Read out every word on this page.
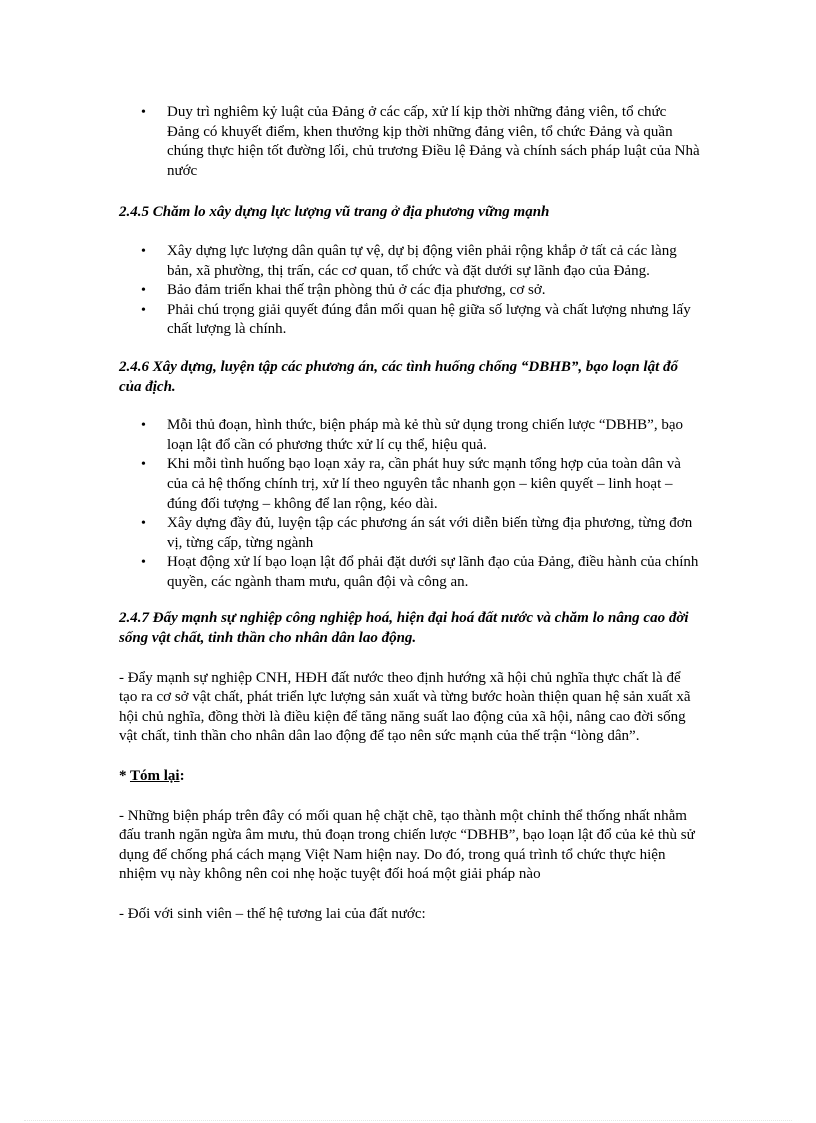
• Duy trì nghiêm kỷ luật của Đảng ở các cấp, xử lí kịp thời những đảng viên, tổ chức Đảng có khuyết điểm, khen thưởng kịp thời những đảng viên, tổ chức Đảng và quần chúng thực hiện tốt đường lối, chủ trương Điều lệ Đảng và chính sách pháp luật của Nhà nước

2.4.5 Chăm lo xây dựng lực lượng vũ trang ở địa phương vững mạnh

• Xây dựng lực lượng dân quân tự vệ, dự bị động viên phải rộng khắp ở tất cả các làng bản, xã phường, thị trấn, các cơ quan, tổ chức và đặt dưới sự lãnh đạo của Đảng.
• Bảo đảm triển khai thế trận phòng thủ ở các địa phương, cơ sở.
• Phải chú trọng giải quyết đúng đắn mối quan hệ giữa số lượng và chất lượng nhưng lấy chất lượng là chính.

2.4.6 Xây dựng, luyện tập các phương án, các tình huống chống “DBHB”, bạo loạn lật đổ của địch.

• Mỗi thủ đoạn, hình thức, biện pháp mà kẻ thù sử dụng trong chiến lược “DBHB”, bạo loạn lật đổ cần có phương thức xử lí cụ thể, hiệu quả.
• Khi mỗi tình huống bạo loạn xảy ra, cần phát huy sức mạnh tổng hợp của toàn dân và của cả hệ thống chính trị, xử lí theo nguyên tắc nhanh gọn – kiên quyết – linh hoạt – đúng đối tượng – không để lan rộng, kéo dài.
• Xây dựng đầy đủ, luyện tập các phương án sát với diễn biến từng địa phương, từng đơn vị, từng cấp, từng ngành
• Hoạt động xử lí bạo loạn lật đổ phải đặt dưới sự lãnh đạo của Đảng, điều hành của chính quyền, các ngành tham mưu, quân đội và công an.

2.4.7 Đẩy mạnh sự nghiệp công nghiệp hoá, hiện đại hoá đất nước và chăm lo nâng cao đời sống vật chất, tinh thần cho nhân dân lao động.

- Đẩy mạnh sự nghiệp CNH, HĐH đất nước theo định hướng xã hội chủ nghĩa thực chất là để tạo ra cơ sở vật chất, phát triển lực lượng sản xuất và từng bước hoàn thiện quan hệ sản xuất xã hội chủ nghĩa, đồng thời là điều kiện để tăng năng suất lao động của xã hội, nâng cao đời sống vật chất, tinh thần cho nhân dân lao động để tạo nên sức mạnh của thế trận “lòng dân”.

* Tóm lại:

- Những biện pháp trên đây có mối quan hệ chặt chẽ, tạo thành một chỉnh thể thống nhất nhằm đấu tranh ngăn ngừa âm mưu, thủ đoạn trong chiến lược “DBHB”, bạo loạn lật đổ của kẻ thù sử dụng để chống phá cách mạng Việt Nam hiện nay. Do đó, trong quá trình tổ chức thực hiện nhiệm vụ này không nên coi nhẹ hoặc tuyệt đối hoá một giải pháp nào

- Đối với sinh viên – thế hệ tương lai của đất nước:
